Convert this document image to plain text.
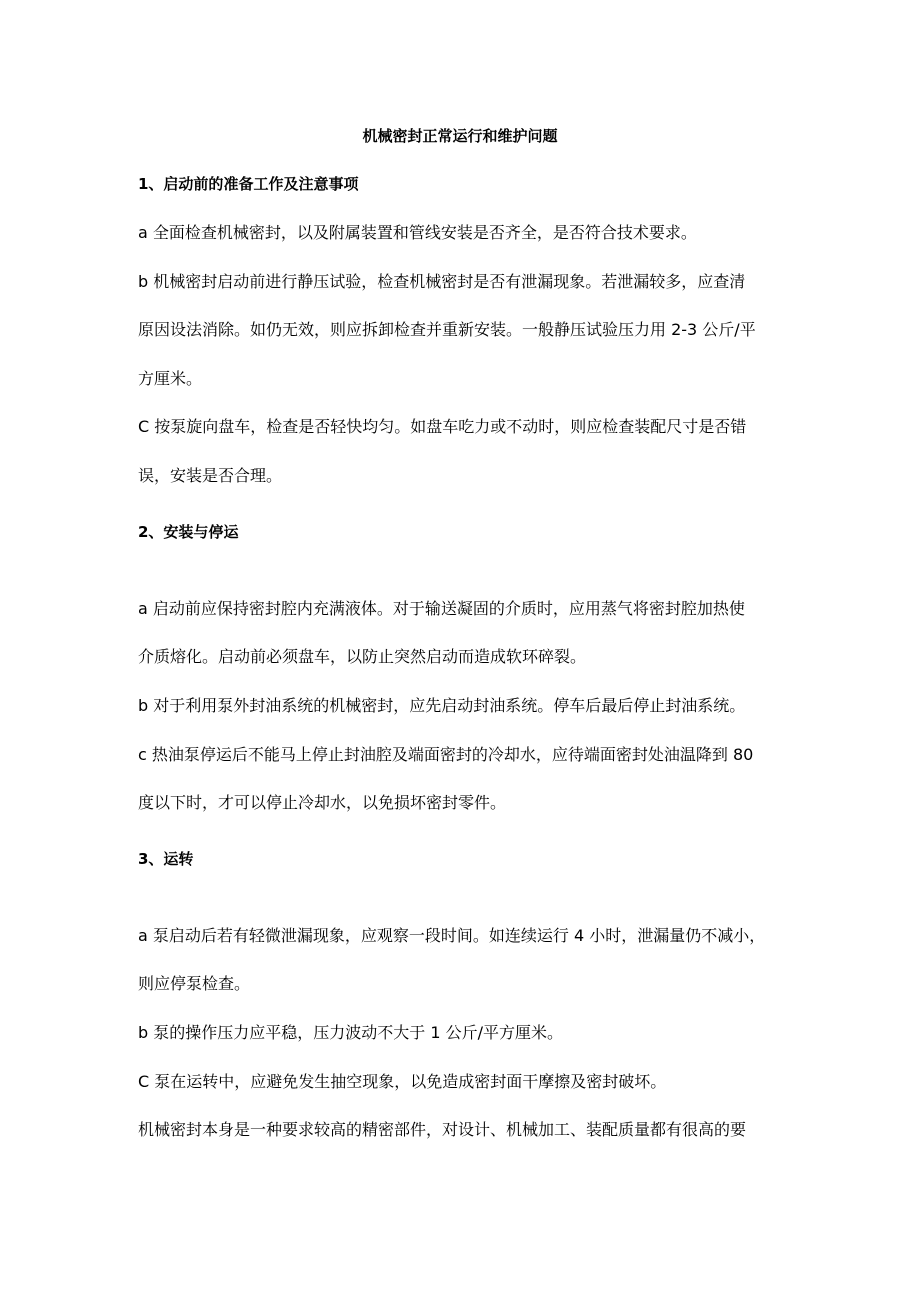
机械密封正常运行和维护问题
1、启动前的准备工作及注意事项
a 全面检查机械密封，以及附属装置和管线安装是否齐全，是否符合技术要求。
b 机械密封启动前进行静压试验，检查机械密封是否有泄漏现象。若泄漏较多，应查清
原因设法消除。如仍无效，则应拆卸检查并重新安装。一般静压试验压力用 2-3 公斤/平
方厘米。
C 按泵旋向盘车，检查是否轻快均匀。如盘车吃力或不动时，则应检查装配尺寸是否错
误，安装是否合理。
2、安装与停运
a 启动前应保持密封腔内充满液体。对于输送凝固的介质时，应用蒸气将密封腔加热使
介质熔化。启动前必须盘车，以防止突然启动而造成软环碎裂。
b 对于利用泵外封油系统的机械密封，应先启动封油系统。停车后最后停止封油系统。
c 热油泵停运后不能马上停止封油腔及端面密封的冷却水，应待端面密封处油温降到 80
度以下时，才可以停止冷却水，以免损坏密封零件。
3、运转
a 泵启动后若有轻微泄漏现象，应观察一段时间。如连续运行 4 小时，泄漏量仍不减小，
则应停泵检查。
b 泵的操作压力应平稳，压力波动不大于 1 公斤/平方厘米。
C 泵在运转中，应避免发生抽空现象，以免造成密封面干摩擦及密封破坏。
机械密封本身是一种要求较高的精密部件，对设计、机械加工、装配质量都有很高的要
